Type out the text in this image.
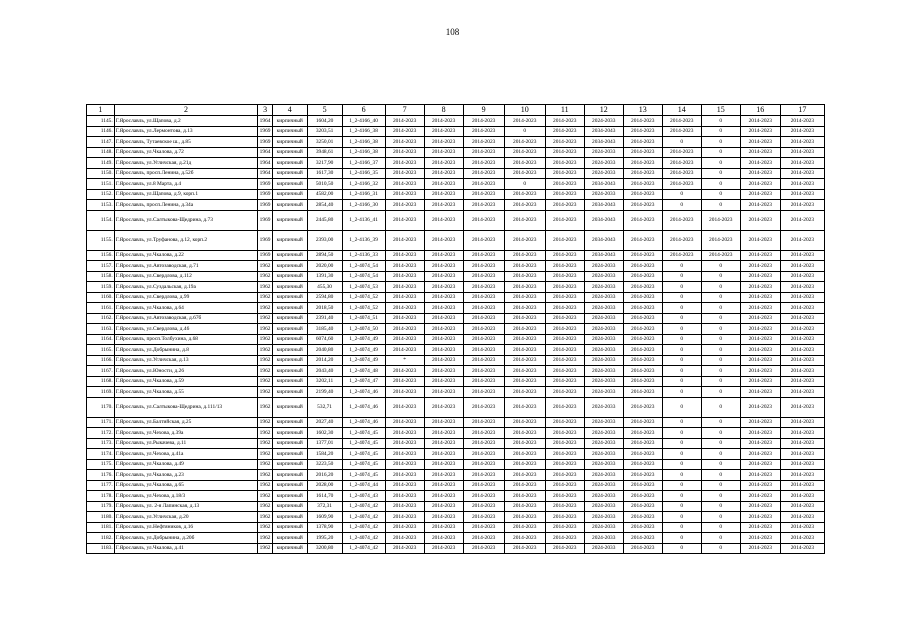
108
1	2	3	4	5	6	7	8	9	10	11	12	13	14	15	16	17
1145.	Г.Ярославль, ул.Щапова, д.2	1964	кирпичный	1604,20	1_2-4166_40	2014-2023	2014-2023	2014-2023	2014-2023	2014-2023	2024-2033	2014-2023	2014-2023	0	2014-2023	2014-2023
1146.	Г.Ярославль, ул.Лермонтова, д.13	1969	кирпичный	3203,51	1_2-4166_38	2014-2023	2014-2023	2014-2023	0	2014-2023	2034-2043	2014-2023	2014-2023	0	2014-2023	2014-2023
1147.	Г.Ярославль, Тутаевское ш., д.85	1969	кирпичный	3250,01	1_2-4166_38	2014-2023	2014-2023	2014-2023	2014-2023	2014-2023	2034-2043	2014-2023	0	0	2014-2023	2014-2023
1148.	Г.Ярославль, ул.Чкалова, д.72	1964	кирпичный	3948,61	1_2-4166_38	2014-2023	2014-2023	2014-2023	2014-2023	2014-2023	2024-2033	2014-2023	2014-2023	0	2014-2023	2014-2023
1149.	Г.Ярославль, ул.Угличская, д.21д	1964	кирпичный	3217,90	1_2-4166_37	2014-2023	2014-2023	2014-2023	2014-2023	2014-2023	2024-2033	2014-2023	2014-2023	0	2014-2023	2014-2023
1150.	Г.Ярославль, просп.Ленина, д.52б	1964	кирпичный	1617,30	1_2-4166_35	2014-2023	2014-2023	2014-2023	2014-2023	2014-2023	2024-2033	2014-2023	2014-2023	0	2014-2023	2014-2023
1151.	Г.Ярославль, ул.8 Марта, д.4	1969	кирпичный	5010,50	1_2-4166_32	2014-2023	2014-2023	2014-2023	0	2014-2023	2034-2043	2014-2023	2014-2023	0	2014-2023	2014-2023
1152.	Г.Ярославль, ул.Щапова, д.9, корп.1	1969	кирпичный	4582,00	1_2-4166_31	2014-2023	2014-2023	2014-2023	2014-2023	2014-2023	2024-2033	2014-2023	0	0	2014-2023	2014-2023
1153.	Г.Ярославль, просп.Ленина, д.34а	1969	кирпичный	2854,40	1_2-4166_30	2014-2023	2014-2023	2014-2023	2014-2023	2014-2023	2034-2043	2014-2023	0	0	2014-2023	2014-2023
1154.	Г.Ярославль, ул.Салтыкова-Щедрина, д.73	1969	кирпичный	2445,80	1_2-4136_41	2014-2023	2014-2023	2014-2023	2014-2023	2014-2023	2034-2043	2014-2023	2014-2023	2014-2023	2014-2023	2014-2023
1155.	Г.Ярославль, ул.Труфанова, д.12, корп.2	1969	кирпичный	2393,00	1_2-4136_39	2014-2023	2014-2023	2014-2023	2014-2023	2014-2023	2034-2043	2014-2023	2014-2023	2014-2023	2014-2023	2014-2023
1156.	Г.Ярославль, ул.Чкалова, д.22	1969	кирпичный	2894,50	1_2-4136_33	2014-2023	2014-2023	2014-2023	2014-2023	2014-2023	2034-2043	2014-2023	2014-2023	2014-2023	2014-2023	2014-2023
1157.	Г.Ярославль, ул.Автозаводская, д.71	1962	кирпичный	2020,00	1_2-4074_54	2014-2023	2014-2023	2014-2023	2014-2023	2014-2023	2024-2033	2014-2023	0	0	2014-2023	2014-2023
1158.	Г.Ярославль, ул.Свердлова, д.112	1962	кирпичный	1391,30	1_2-4074_54	2014-2023	2014-2023	2014-2023	2014-2023	2014-2023	2024-2033	2014-2023	0	0	2014-2023	2014-2023
1159.	Г.Ярославль, ул.Суздальская, д.19а	1962	кирпичный	455,30	1_2-4074_53	2014-2023	2014-2023	2014-2023	2014-2023	2014-2023	2024-2033	2014-2023	0	0	2014-2023	2014-2023
1160.	Г.Ярославль, ул.Свердлова, д.99	1962	кирпичный	2594,80	1_2-4074_52	2014-2023	2014-2023	2014-2023	2014-2023	2014-2023	2024-2033	2014-2023	0	0	2014-2023	2014-2023
1161.	Г.Ярославль, ул.Чкалова, д.64	1962	кирпичный	2018,50	1_2-4074_52	2014-2023	2014-2023	2014-2023	2014-2023	2014-2023	2024-2033	2014-2023	0	0	2014-2023	2014-2023
1162.	Г.Ярославль, ул.Автозаводская, д.67б	1962	кирпичный	2391,40	1_2-4074_51	2014-2023	2014-2023	2014-2023	2014-2023	2014-2023	2024-2033	2014-2023	0	0	2014-2023	2014-2023
1163.	Г.Ярославль, ул.Свердлова, д.46	1962	кирпичный	3185,40	1_2-4074_50	2014-2023	2014-2023	2014-2023	2014-2023	2014-2023	2024-2033	2014-2023	0	0	2014-2023	2014-2023
1164.	Г.Ярославль, просп.Толбухина, д.68	1962	кирпичный	6074,60	1_2-4074_49	2014-2023	2014-2023	2014-2023	2014-2023	2014-2023	2024-2033	2014-2023	0	0	2014-2023	2014-2023
1165.	Г.Ярославль, ул.Добрынина, д.8	1962	кирпичный	2040,80	1_2-4074_49	2014-2023	2014-2023	2014-2023	2014-2023	2014-2023	2024-2033	2014-2023	0	0	2014-2023	2014-2023
1166.	Г.Ярославль, ул.Угличская, д.13	1962	кирпичный	2014,20	1_2-4074_49	*	2014-2023	2014-2023	2014-2023	2014-2023	2024-2033	2014-2023	0	0	2014-2023	2014-2023
1167.	Г.Ярославль, ул.Юности, д.26	1962	кирпичный	2043,40	1_2-4074_48	2014-2023	2014-2023	2014-2023	2014-2023	2014-2023	2024-2033	2014-2023	0	0	2014-2023	2014-2023
1168.	Г.Ярославль, ул.Чкалова, д.59	1962	кирпичный	3202,11	1_2-4074_47	2014-2023	2014-2023	2014-2023	2014-2023	2014-2023	2024-2033	2014-2023	0	0	2014-2023	2014-2023
1169.	Г.Ярославль, ул.Чкалова, д.55	1962	кирпичный	2199,40	1_2-4074_46	2014-2023	2014-2023	2014-2023	2014-2023	2014-2023	2024-2033	2014-2023	0	0	2014-2023	2014-2023
1170.	Г.Ярославль, ул.Салтыкова-Щедрина, д.111/13	1962	кирпичный	532,71	1_2-4074_46	2014-2023	2014-2023	2014-2023	2014-2023	2014-2023	2024-2033	2014-2023	0	0	2014-2023	2014-2023
1171.	Г.Ярославль, ул.Балтийская, д.25	1962	кирпичный	2027,40	1_2-4074_46	2014-2023	2014-2023	2014-2023	2014-2023	2014-2023	2024-2033	2014-2023	0	0	2014-2023	2014-2023
1172.	Г.Ярославль, ул.Чехова, д.39а	1962	кирпичный	1602,30	1_2-4074_45	2014-2023	2014-2023	2014-2023	2014-2023	2014-2023	2024-2033	2014-2023	0	0	2014-2023	2014-2023
1173.	Г.Ярославль, ул.Рыкачева, д.11	1962	кирпичный	1377,01	1_2-4074_45	2014-2023	2014-2023	2014-2023	2014-2023	2014-2023	2024-2033	2014-2023	0	0	2014-2023	2014-2023
1174.	Г.Ярославль, ул.Чехова, д.41а	1962	кирпичный	1584,20	1_2-4074_45	2014-2023	2014-2023	2014-2023	2014-2023	2014-2023	2024-2033	2014-2023	0	0	2014-2023	2014-2023
1175.	Г.Ярославль, ул.Чкалова, д.49	1962	кирпичный	3223,50	1_2-4074_45	2014-2023	2014-2023	2014-2023	2014-2023	2014-2023	2024-2033	2014-2023	0	0	2014-2023	2014-2023
1176.	Г.Ярославль, ул.Чкалова, д.23	1962	кирпичный	2016,20	1_2-4074_45	2014-2023	2014-2023	2014-2023	2014-2023	2014-2023	2024-2033	2014-2023	0	0	2014-2023	2014-2023
1177.	Г.Ярославль, ул.Чкалова, д.65	1962	кирпичный	2028,00	1_2-4074_44	2014-2023	2014-2023	2014-2023	2014-2023	2014-2023	2024-2033	2014-2023	0	0	2014-2023	2014-2023
1178.	Г.Ярославль, ул.Чехова, д.18/3	1962	кирпичный	1614,70	1_2-4074_43	2014-2023	2014-2023	2014-2023	2014-2023	2014-2023	2024-2033	2014-2023	0	0	2014-2023	2014-2023
1179.	Г.Ярославль, ул. 2-я Лапинская, д.13	1962	кирпичный	372,31	1_2-4074_42	2014-2023	2014-2023	2014-2023	2014-2023	2014-2023	2024-2033	2014-2023	0	0	2014-2023	2014-2023
1180.	Г.Ярославль, ул.Угличская, д.20	1962	кирпичный	1609,90	1_2-4074_42	2014-2023	2014-2023	2014-2023	2014-2023	2014-2023	2024-2033	2014-2023	0	0	2014-2023	2014-2023
1181.	Г.Ярославль, ул.Нефтяников, д.16	1962	кирпичный	1378,90	1_2-4074_42	2014-2023	2014-2023	2014-2023	2014-2023	2014-2023	2024-2033	2014-2023	0	0	2014-2023	2014-2023
1182.	Г.Ярославль, ул.Добрынина, д.20б	1962	кирпичный	1995,20	1_2-4074_42	2014-2023	2014-2023	2014-2023	2014-2023	2014-2023	2024-2033	2014-2023	0	0	2014-2023	2014-2023
1183.	Г.Ярославль, ул.Чкалова, д.41	1962	кирпичный	3200,80	1_2-4074_42	2014-2023	2014-2023	2014-2023	2014-2023	2014-2023	2024-2033	2014-2023	0	0	2014-2023	2014-2023
